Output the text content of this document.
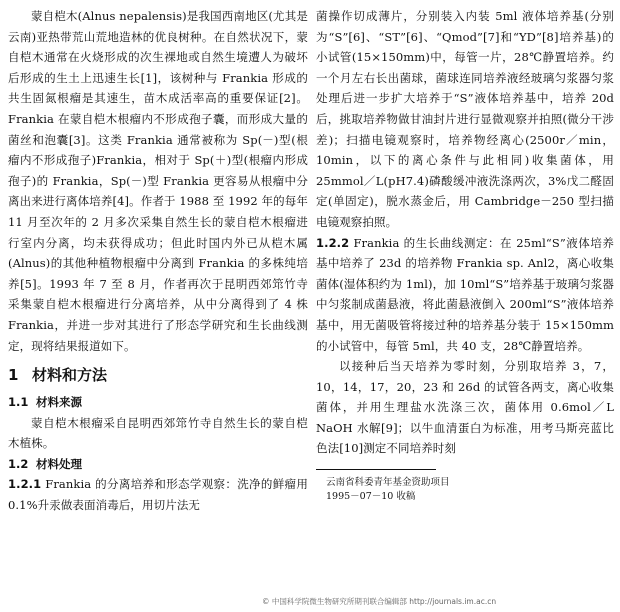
蒙自桤木(Alnus nepalensis)是我国西南地区(尤其是云南)亚热带荒山荒地造林的优良树种。在自然状况下，蒙自桤木通常在火烧形成的次生裸地或自然生境遭人为破坏后形成的生土上迅速生长[1]，该树种与 Frankia 形成的共生固氮根瘤是其速生，苗木成活率高的重要保证[2]。Frankia 在蒙自桤木根瘤内不形成孢子囊，而形成大量的菌丝和泡囊[3]。这类 Frankia 通常被称为 Sp(－)型(根瘤内不形成孢子)Frankia，相对于 Sp(＋)型(根瘤内形成孢子)的 Frankia，Sp(－)型 Frankia 更容易从根瘤中分离出来进行离体培养[4]。作者于 1988 至 1992 年的每年 11 月至次年的 2 月多次采集自然生长的蒙自桤木根瘤进行室内分离，均未获得成功；但此时国内外已从桤木属(Alnus)的其他种植物根瘤中分离到 Frankia 的多株纯培养[5]。1993 年 7 至 8 月，作者再次于昆明西郊筇竹寺采集蒙自桤木根瘤进行分离培养，从中分离得到了 4 株 Frankia，并进一步对其进行了形态学研究和生长曲线测定，现将结果报道如下。

1 材料和方法
1.1 材料来源

蒙自桤木根瘤采自昆明西郊筇竹寺自然生长的蒙自桤木植株。

1.2 材料处理

1.2.1 Frankia 的分离培养和形态学观察：洗净的鲜瘤用 0.1%升汞做表面消毒后，用切片法无

菌操作切成薄片，分别装入内装 5ml 液体培养基(分别为“S”[6]、“ST”[6]、“Qmod”[7]和“YD”[8]培养基)的小试管(15×150mm)中，每管一片，28℃静置培养。约一个月左右长出菌球，菌球连同培养液经玻璃匀浆器匀浆处理后进一步扩大培养于“S”液体培养基中，培养 20d 后，挑取培养物做甘油封片进行显微观察并拍照(微分干涉差)；扫描电镜观察时，培养物经离心(2500r／min，10min，以下的离心条件与此相同)收集菌体，用 25mmol／L(pH7.4)磷酸缓冲液洗涤两次，3%戊二醛固定(单固定)，脱水蒸金后，用 Cambridge－250 型扫描电镜观察拍照。

1.2.2 Frankia 的生长曲线测定：在 25ml“S”液体培养基中培养了 23d 的培养物 Frankia sp. Anl2，离心收集菌体(湿体积约为 1ml)，加 10ml“S”培养基于玻璃匀浆器中匀浆制成菌悬液，将此菌悬液倒入 200ml“S”液体培养基中，用无菌吸管将接过种的培养基分装于 15×150mm 的小试管中，每管 5ml，共 40 支，28℃静置培养。

以接种后当天培养为零时刻，分别取培养 3，7，10，14，17，20，23 和 26d 的试管各两支，离心收集菌体，并用生理盐水洗涤三次，菌体用 0.6mol／L NaOH 水解[9]；以牛血清蛋白为标准，用考马斯亮蓝比色法[10]测定不同培养时刻

云南省科委青年基金资助项目

1995－07－10 收稿

© 中国科学院微生物研究所期刊联合编辑部 http://journals.im.ac.cn
